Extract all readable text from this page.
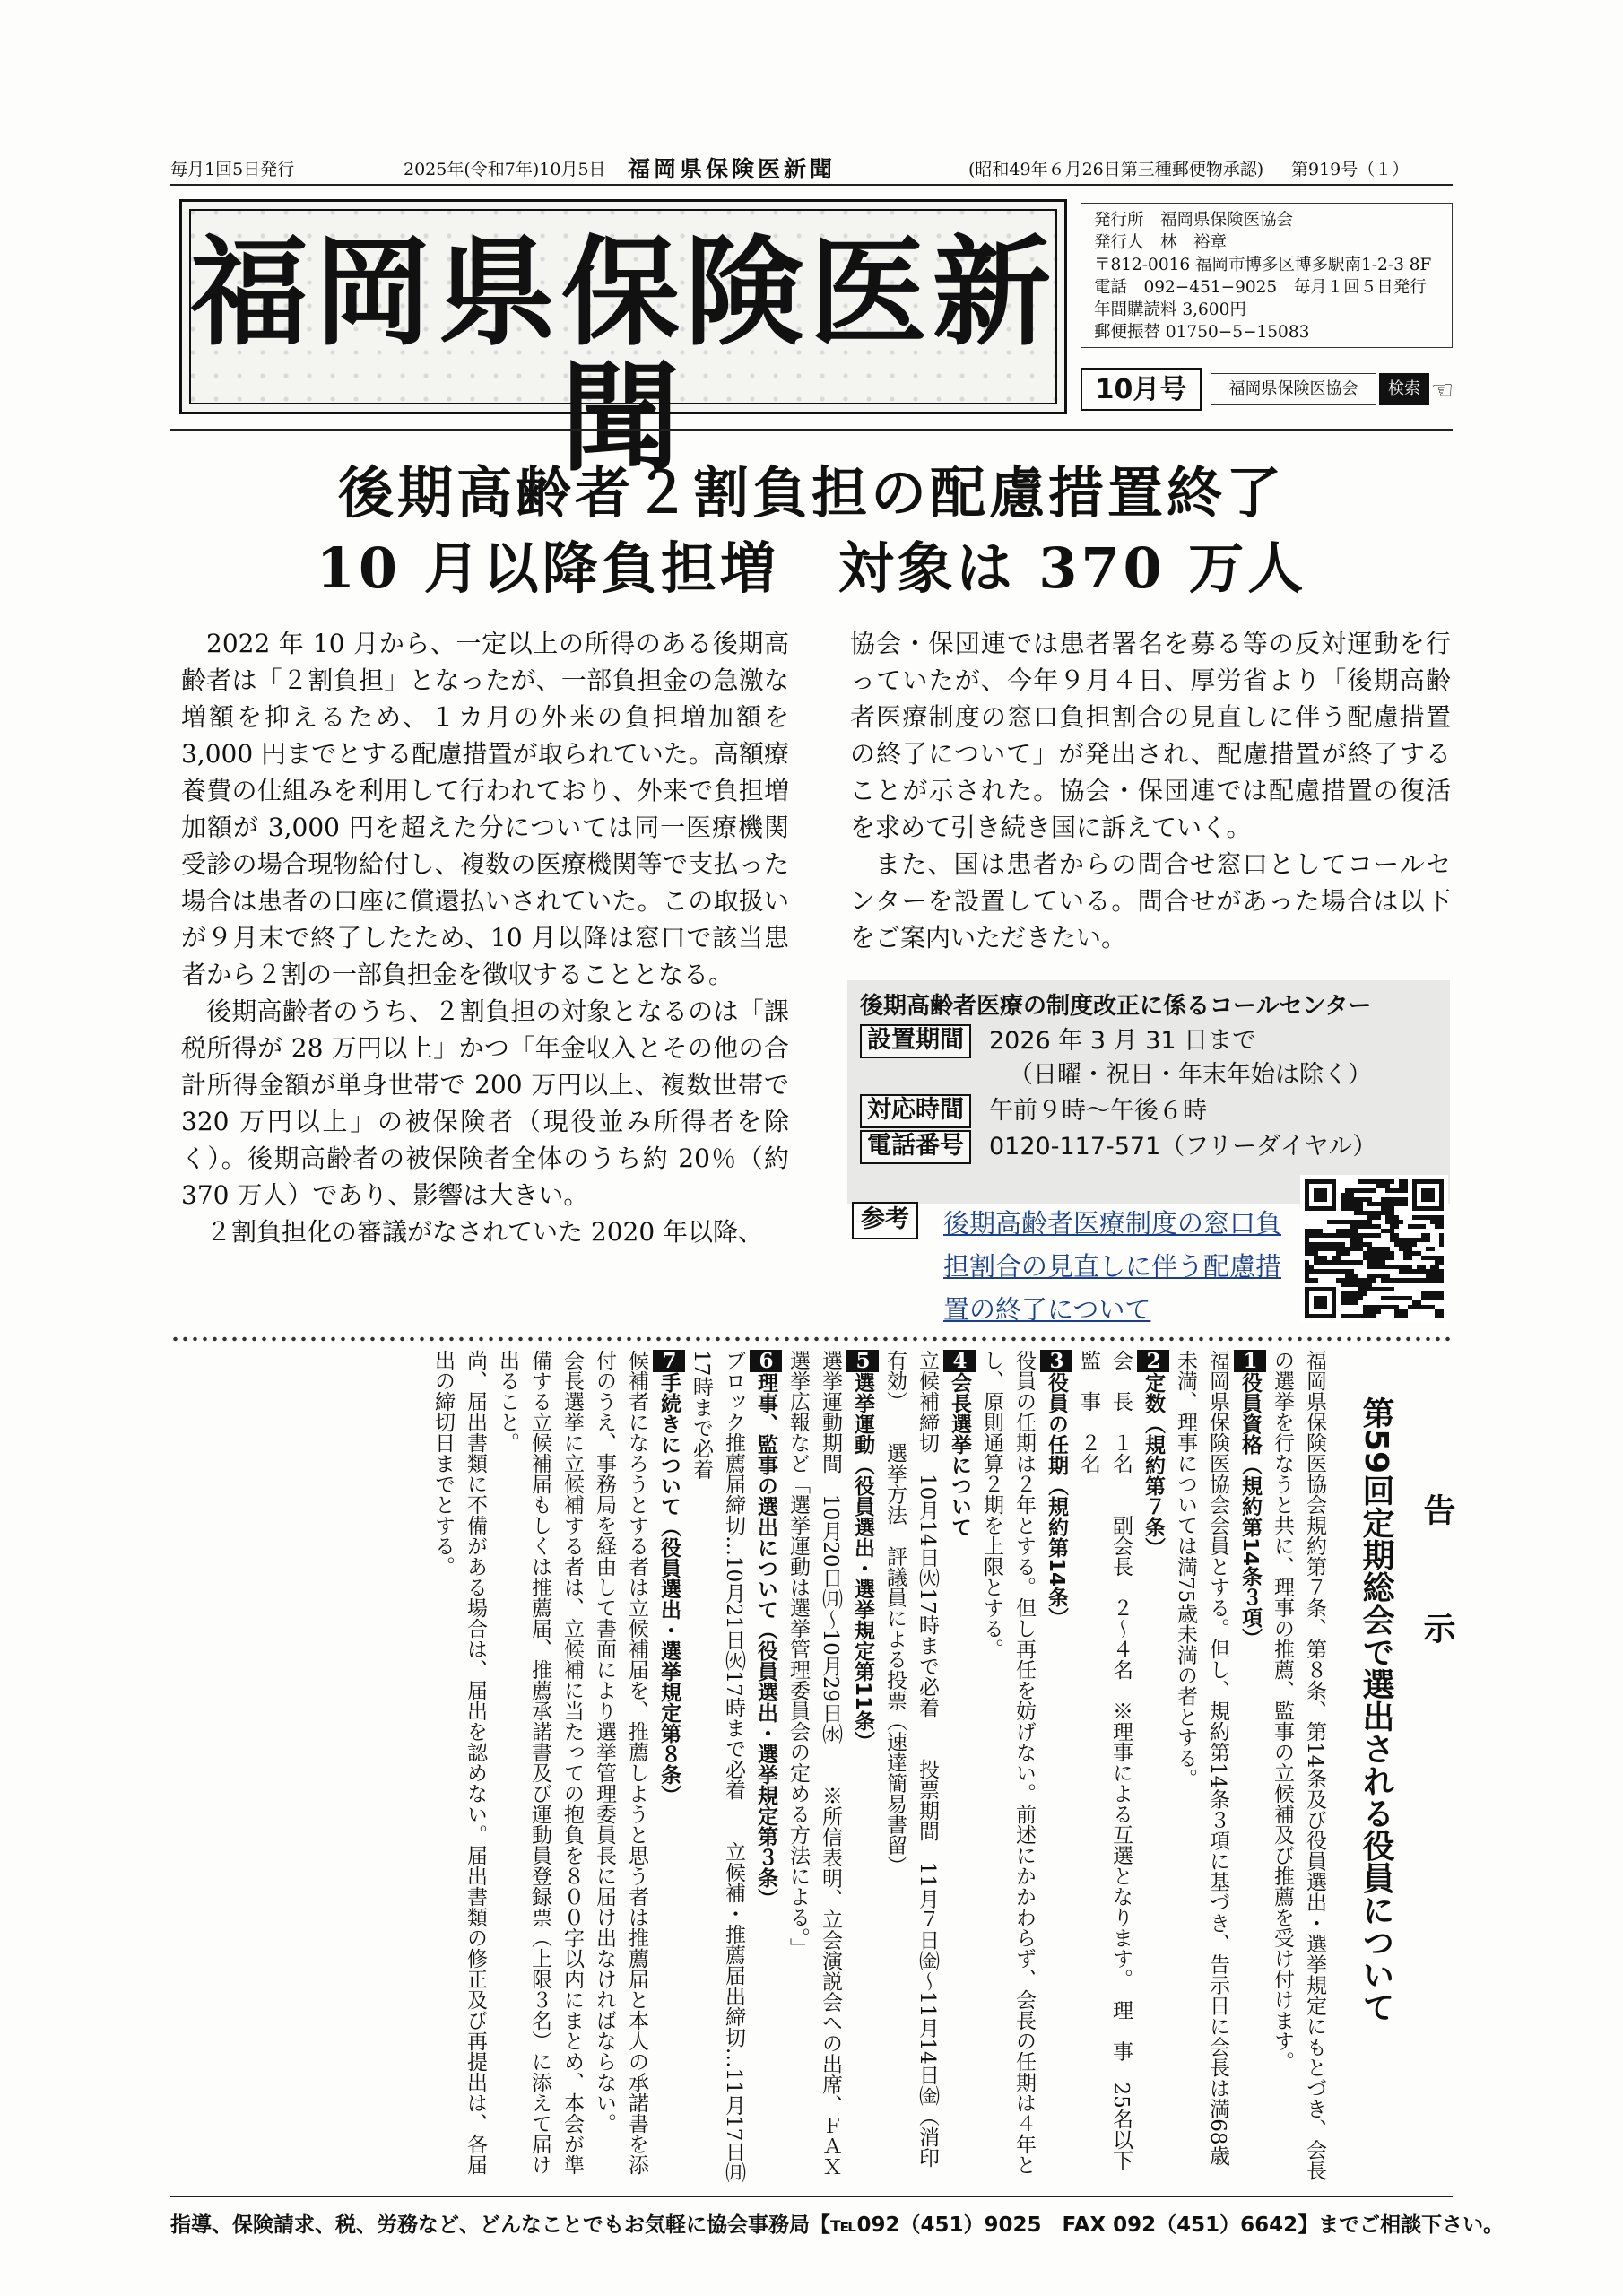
毎月1回5日発行	2025年(令和7年)10月5日 福岡県保険医新聞	(昭和49年６月26日第三種郵便物承認) 第919号（１）
福岡県保険医新聞
発行所　福岡県保険医協会
発行人　林　裕章
〒812-0016 福岡市博多区博多駅南1-2-3 8F
電話　092−451−9025　毎月１回５日発行
年間購読料 3,600円
郵便振替 01750−5−15083
10月号	福岡県保険医協会	検索 ☜
後期高齢者２割負担の配慮措置終了
10 月以降負担増　対象は 370 万人

2022 年 10 月から、一定以上の所得のある後期高齢者は「２割負担」となったが、一部負担金の急激な増額を抑えるため、１カ月の外来の負担増加額を 3,000 円までとする配慮措置が取られていた。高額療養費の仕組みを利用して行われており、外来で負担増加額が 3,000 円を超えた分については同一医療機関受診の場合現物給付し、複数の医療機関等で支払った場合は患者の口座に償還払いされていた。この取扱いが９月末で終了したため、10 月以降は窓口で該当患者から２割の一部負担金を徴収することとなる。

後期高齢者のうち、２割負担の対象となるのは「課税所得が 28 万円以上」かつ「年金収入とその他の合計所得金額が単身世帯で 200 万円以上、複数世帯で 320 万円以上」の被保険者（現役並み所得者を除く）。後期高齢者の被保険者全体のうち約 20％（約 370 万人）であり、影響は大きい。

２割負担化の審議がなされていた 2020 年以降、

協会・保団連では患者署名を募る等の反対運動を行っていたが、今年９月４日、厚労省より「後期高齢者医療制度の窓口負担割合の見直しに伴う配慮措置の終了について」が発出され、配慮措置が終了することが示された。協会・保団連では配慮措置の復活を求めて引き続き国に訴えていく。

また、国は患者からの問合せ窓口としてコールセンターを設置している。問合せがあった場合は以下をご案内いただきたい。

後期高齢者医療の制度改正に係るコールセンター
設置期間 2026 年 3 月 31 日まで
（日曜・祝日・年末年始は除く）
対応時間 午前９時〜午後６時
電話番号 0120-117-571（フリーダイヤル）
参考	後期高齢者医療制度の窓口負担割合の見直しに伴う配慮措置の終了について
告　示
第59回定期総会で選出される役員について

福岡県保険医協会規約第７条、第８条、第14条及び役員選出・選挙規定にもとづき、会長の選挙を行なうと共に、理事の推薦、監事の立候補及び推薦を受け付けます。

1役員資格（規約第14条３項）

福岡県保険医協会会員とする。但し、規約第14条３項に基づき、告示日に会長は満68歳未満、理事については満75歳未満の者とする。

2定数（規約第７条）

会　長　１名　　副会長　２〜４名　※理事による互選となります。　理　事　25名以下　　監　事　２名

3役員の任期（規約第14条）

役員の任期は２年とする。但し再任を妨げない。前述にかかわらず、会長の任期は４年とし、原則通算２期を上限とする。

4会長選挙について

立候補締切　10月14日㈫17時まで必着　　投票期間　11月７日㈮〜11月14日㈮（消印有効）　　選挙方法　評議員による投票（速達簡易書留）

5選挙運動（役員選出・選挙規定第11条）

選挙運動期間　10月20日㈪〜10月29日㈬　　※所信表明、立会演説会への出席、ＦＡＸ選挙広報など「選挙運動は選挙管理委員会の定める方法による。」

6理事、監事の選出について（役員選出・選挙規定第３条）

ブロック推薦届締切…10月21日㈫17時まで必着　　立候補・推薦届出締切…11月17日㈪17時まで必着

7手続きについて（役員選出・選挙規定第８条）

候補者になろうとする者は立候補届を、推薦しようと思う者は推薦届と本人の承諾書を添付のうえ、事務局を経由して書面により選挙管理委員長に届け出なければならない。

会長選挙に立候補する者は、立候補に当たっての抱負を８００字以内にまとめ、本会が準備する立候補届もしくは推薦届、推薦承諾書及び運動員登録票（上限３名）に添えて届け出ること。

尚、届出書類に不備がある場合は、届出を認めない。届出書類の修正及び再提出は、各届出の締切日までとする。

指導、保険請求、税、労務など、どんなことでもお気軽に協会事務局【℡092（451）9025　FAX 092（451）6642】までご相談下さい。
